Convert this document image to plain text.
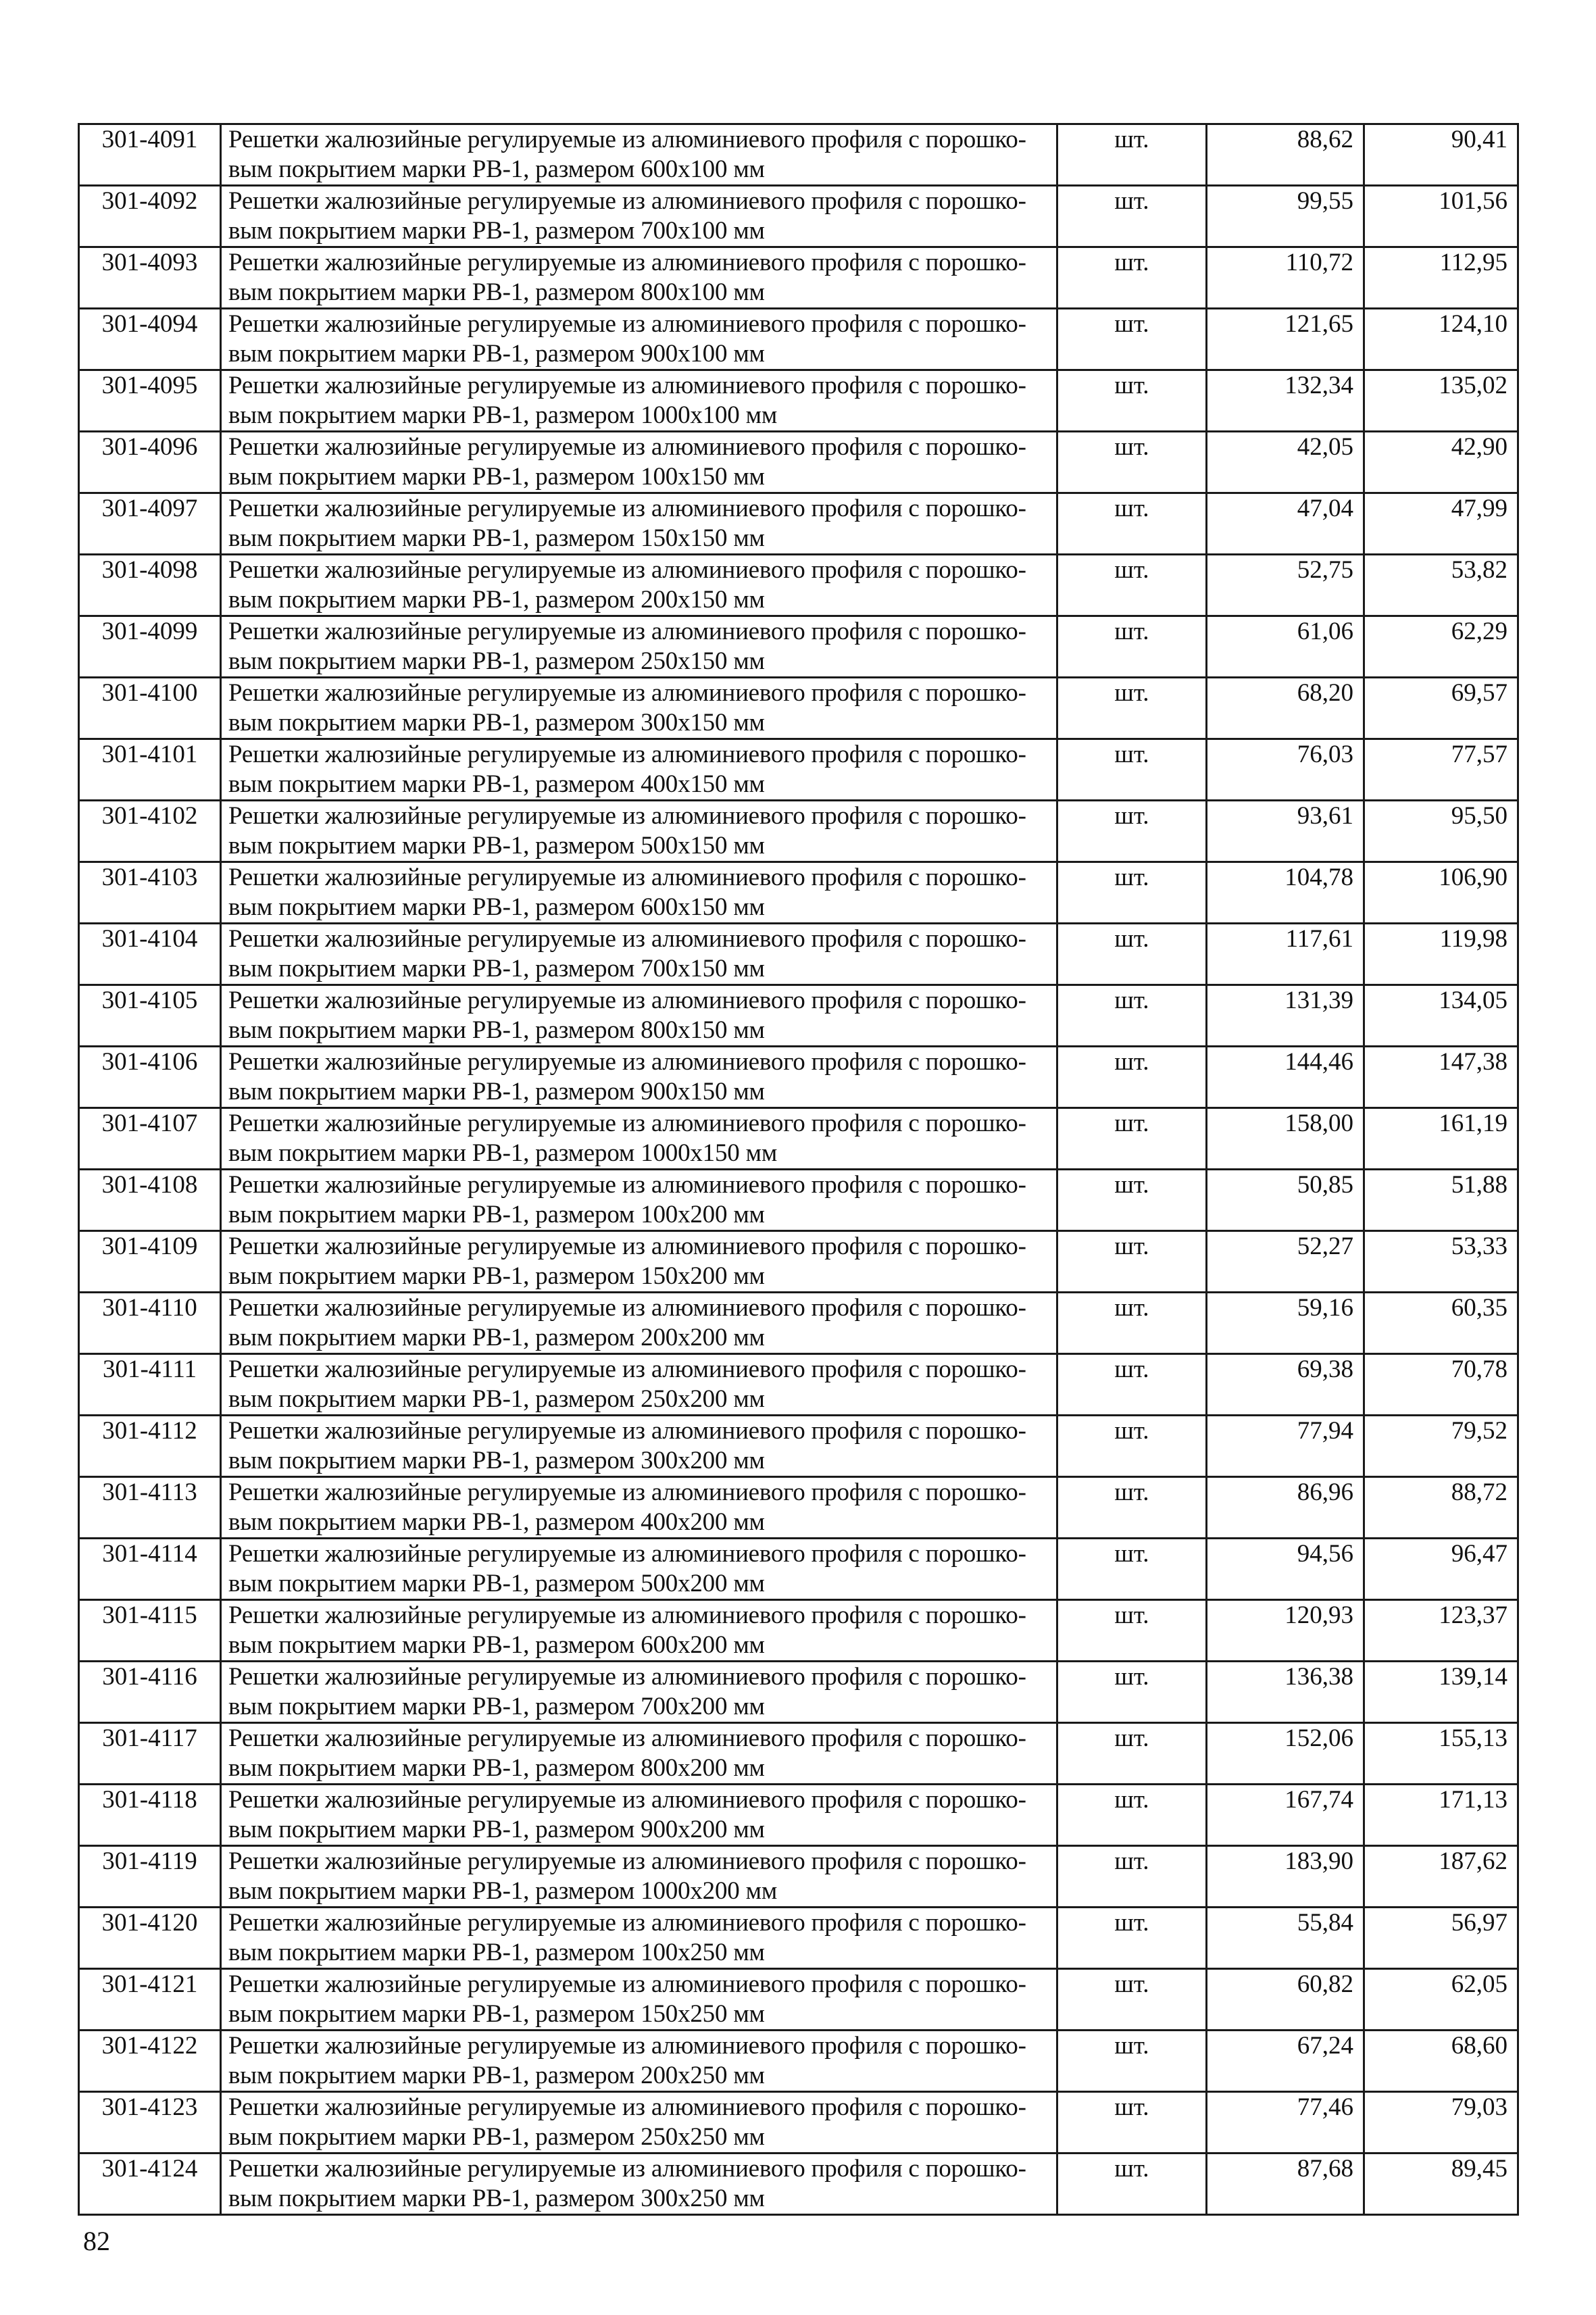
301-4091	Решетки жалюзийные регулируемые из алюминиевого профиля с порошко-
вым покрытием марки РВ-1, размером 600x100 мм	шт.	88,62	90,41
301-4092	Решетки жалюзийные регулируемые из алюминиевого профиля с порошко-
вым покрытием марки РВ-1, размером 700x100 мм	шт.	99,55	101,56
301-4093	Решетки жалюзийные регулируемые из алюминиевого профиля с порошко-
вым покрытием марки РВ-1, размером 800x100 мм	шт.	110,72	112,95
301-4094	Решетки жалюзийные регулируемые из алюминиевого профиля с порошко-
вым покрытием марки РВ-1, размером 900x100 мм	шт.	121,65	124,10
301-4095	Решетки жалюзийные регулируемые из алюминиевого профиля с порошко-
вым покрытием марки РВ-1, размером 1000x100 мм	шт.	132,34	135,02
301-4096	Решетки жалюзийные регулируемые из алюминиевого профиля с порошко-
вым покрытием марки РВ-1, размером 100x150 мм	шт.	42,05	42,90
301-4097	Решетки жалюзийные регулируемые из алюминиевого профиля с порошко-
вым покрытием марки РВ-1, размером 150x150 мм	шт.	47,04	47,99
301-4098	Решетки жалюзийные регулируемые из алюминиевого профиля с порошко-
вым покрытием марки РВ-1, размером 200x150 мм	шт.	52,75	53,82
301-4099	Решетки жалюзийные регулируемые из алюминиевого профиля с порошко-
вым покрытием марки РВ-1, размером 250x150 мм	шт.	61,06	62,29
301-4100	Решетки жалюзийные регулируемые из алюминиевого профиля с порошко-
вым покрытием марки РВ-1, размером 300x150 мм	шт.	68,20	69,57
301-4101	Решетки жалюзийные регулируемые из алюминиевого профиля с порошко-
вым покрытием марки РВ-1, размером 400x150 мм	шт.	76,03	77,57
301-4102	Решетки жалюзийные регулируемые из алюминиевого профиля с порошко-
вым покрытием марки РВ-1, размером 500x150 мм	шт.	93,61	95,50
301-4103	Решетки жалюзийные регулируемые из алюминиевого профиля с порошко-
вым покрытием марки РВ-1, размером 600x150 мм	шт.	104,78	106,90
301-4104	Решетки жалюзийные регулируемые из алюминиевого профиля с порошко-
вым покрытием марки РВ-1, размером 700x150 мм	шт.	117,61	119,98
301-4105	Решетки жалюзийные регулируемые из алюминиевого профиля с порошко-
вым покрытием марки РВ-1, размером 800x150 мм	шт.	131,39	134,05
301-4106	Решетки жалюзийные регулируемые из алюминиевого профиля с порошко-
вым покрытием марки РВ-1, размером 900x150 мм	шт.	144,46	147,38
301-4107	Решетки жалюзийные регулируемые из алюминиевого профиля с порошко-
вым покрытием марки РВ-1, размером 1000x150 мм	шт.	158,00	161,19
301-4108	Решетки жалюзийные регулируемые из алюминиевого профиля с порошко-
вым покрытием марки РВ-1, размером 100x200 мм	шт.	50,85	51,88
301-4109	Решетки жалюзийные регулируемые из алюминиевого профиля с порошко-
вым покрытием марки РВ-1, размером 150x200 мм	шт.	52,27	53,33
301-4110	Решетки жалюзийные регулируемые из алюминиевого профиля с порошко-
вым покрытием марки РВ-1, размером 200x200 мм	шт.	59,16	60,35
301-4111	Решетки жалюзийные регулируемые из алюминиевого профиля с порошко-
вым покрытием марки РВ-1, размером 250x200 мм	шт.	69,38	70,78
301-4112	Решетки жалюзийные регулируемые из алюминиевого профиля с порошко-
вым покрытием марки РВ-1, размером 300x200 мм	шт.	77,94	79,52
301-4113	Решетки жалюзийные регулируемые из алюминиевого профиля с порошко-
вым покрытием марки РВ-1, размером 400x200 мм	шт.	86,96	88,72
301-4114	Решетки жалюзийные регулируемые из алюминиевого профиля с порошко-
вым покрытием марки РВ-1, размером 500x200 мм	шт.	94,56	96,47
301-4115	Решетки жалюзийные регулируемые из алюминиевого профиля с порошко-
вым покрытием марки РВ-1, размером 600x200 мм	шт.	120,93	123,37
301-4116	Решетки жалюзийные регулируемые из алюминиевого профиля с порошко-
вым покрытием марки РВ-1, размером 700x200 мм	шт.	136,38	139,14
301-4117	Решетки жалюзийные регулируемые из алюминиевого профиля с порошко-
вым покрытием марки РВ-1, размером 800x200 мм	шт.	152,06	155,13
301-4118	Решетки жалюзийные регулируемые из алюминиевого профиля с порошко-
вым покрытием марки РВ-1, размером 900x200 мм	шт.	167,74	171,13
301-4119	Решетки жалюзийные регулируемые из алюминиевого профиля с порошко-
вым покрытием марки РВ-1, размером 1000x200 мм	шт.	183,90	187,62
301-4120	Решетки жалюзийные регулируемые из алюминиевого профиля с порошко-
вым покрытием марки РВ-1, размером 100x250 мм	шт.	55,84	56,97
301-4121	Решетки жалюзийные регулируемые из алюминиевого профиля с порошко-
вым покрытием марки РВ-1, размером 150x250 мм	шт.	60,82	62,05
301-4122	Решетки жалюзийные регулируемые из алюминиевого профиля с порошко-
вым покрытием марки РВ-1, размером 200x250 мм	шт.	67,24	68,60
301-4123	Решетки жалюзийные регулируемые из алюминиевого профиля с порошко-
вым покрытием марки РВ-1, размером 250x250 мм	шт.	77,46	79,03
301-4124	Решетки жалюзийные регулируемые из алюминиевого профиля с порошко-
вым покрытием марки РВ-1, размером 300x250 мм	шт.	87,68	89,45
82
